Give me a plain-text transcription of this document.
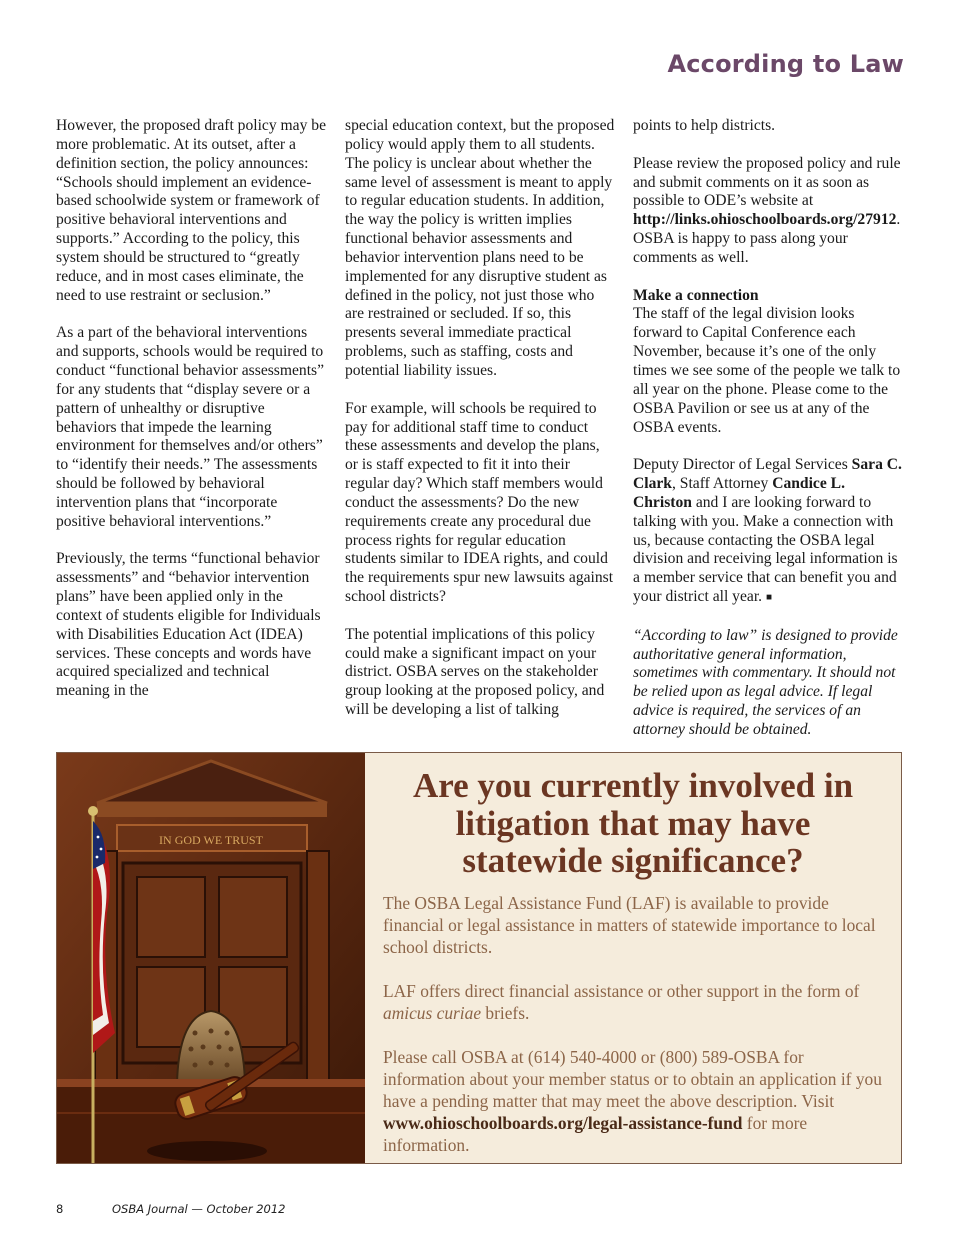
According to Law

However, the proposed draft policy may be more problematic. At its outset, after a definition section, the policy announces: “Schools should implement an evidence-based schoolwide system or framework of positive behavioral interventions and supports.” According to the policy, this system should be structured to “greatly reduce, and in most cases eliminate, the need to use restraint or seclusion.”

As a part of the behavioral interventions and supports, schools would be required to conduct “functional behavior assessments” for any students that “display severe or a pattern of unhealthy or disruptive behaviors that impede the learning environment for themselves and/or others” to “identify their needs.” The assessments should be followed by behavioral intervention plans that “incorporate positive behavioral interventions.”

Previously, the terms “functional behavior assessments” and “behavior intervention plans” have been applied only in the context of students eligible for Individuals with Disabilities Education Act (IDEA) services. These concepts and words have acquired specialized and technical meaning in the

special education context, but the proposed policy would apply them to all students. The policy is unclear about whether the same level of assessment is meant to apply to regular education students. In addition, the way the policy is written implies functional behavior assessments and behavior intervention plans need to be implemented for any disruptive student as defined in the policy, not just those who are restrained or secluded. If so, this presents several immediate practical problems, such as staffing, costs and potential liability issues.

For example, will schools be required to pay for additional staff time to conduct these assessments and develop the plans, or is staff expected to fit it into their regular day? Which staff members would conduct the assessments? Do the new requirements create any procedural due process rights for regular education students similar to IDEA rights, and could the requirements spur new lawsuits against school districts?

The potential implications of this policy could make a significant impact on your district. OSBA serves on the stakeholder group looking at the proposed policy, and will be developing a list of talking

points to help districts.

Please review the proposed policy and rule and submit comments on it as soon as possible to ODE’s website at http://links.ohioschoolboards.org/27912. OSBA is happy to pass along your comments as well.

Make a connection
The staff of the legal division looks forward to Capital Conference each November, because it’s one of the only times we see some of the people we talk to all year on the phone. Please come to the OSBA Pavilion or see us at any of the OSBA events.

Deputy Director of Legal Services Sara C. Clark, Staff Attorney Candice L. Christon and I are looking forward to talking with you. Make a connection with us, because contacting the OSBA legal division and receiving legal information is a member service that can benefit you and your district all year. ■

“According to law” is designed to provide authoritative general information, sometimes with commentary. It should not be relied upon as legal advice. If legal advice is required, the services of an attorney should be obtained.

IN GOD WE TRUST
Are you currently involved in litigation that may have statewide significance?

The OSBA Legal Assistance Fund (LAF) is available to provide financial or legal assistance in matters of statewide importance to local school districts.

LAF offers direct financial assistance or other support in the form of amicus curiae briefs.

Please call OSBA at (614) 540-4000 or (800) 589-OSBA for information about your member status or to obtain an application if you have a pending matter that may meet the above description. Visit www.ohioschoolboards.org/legal-assistance-fund for more information.

8	OSBA Journal — October 2012
